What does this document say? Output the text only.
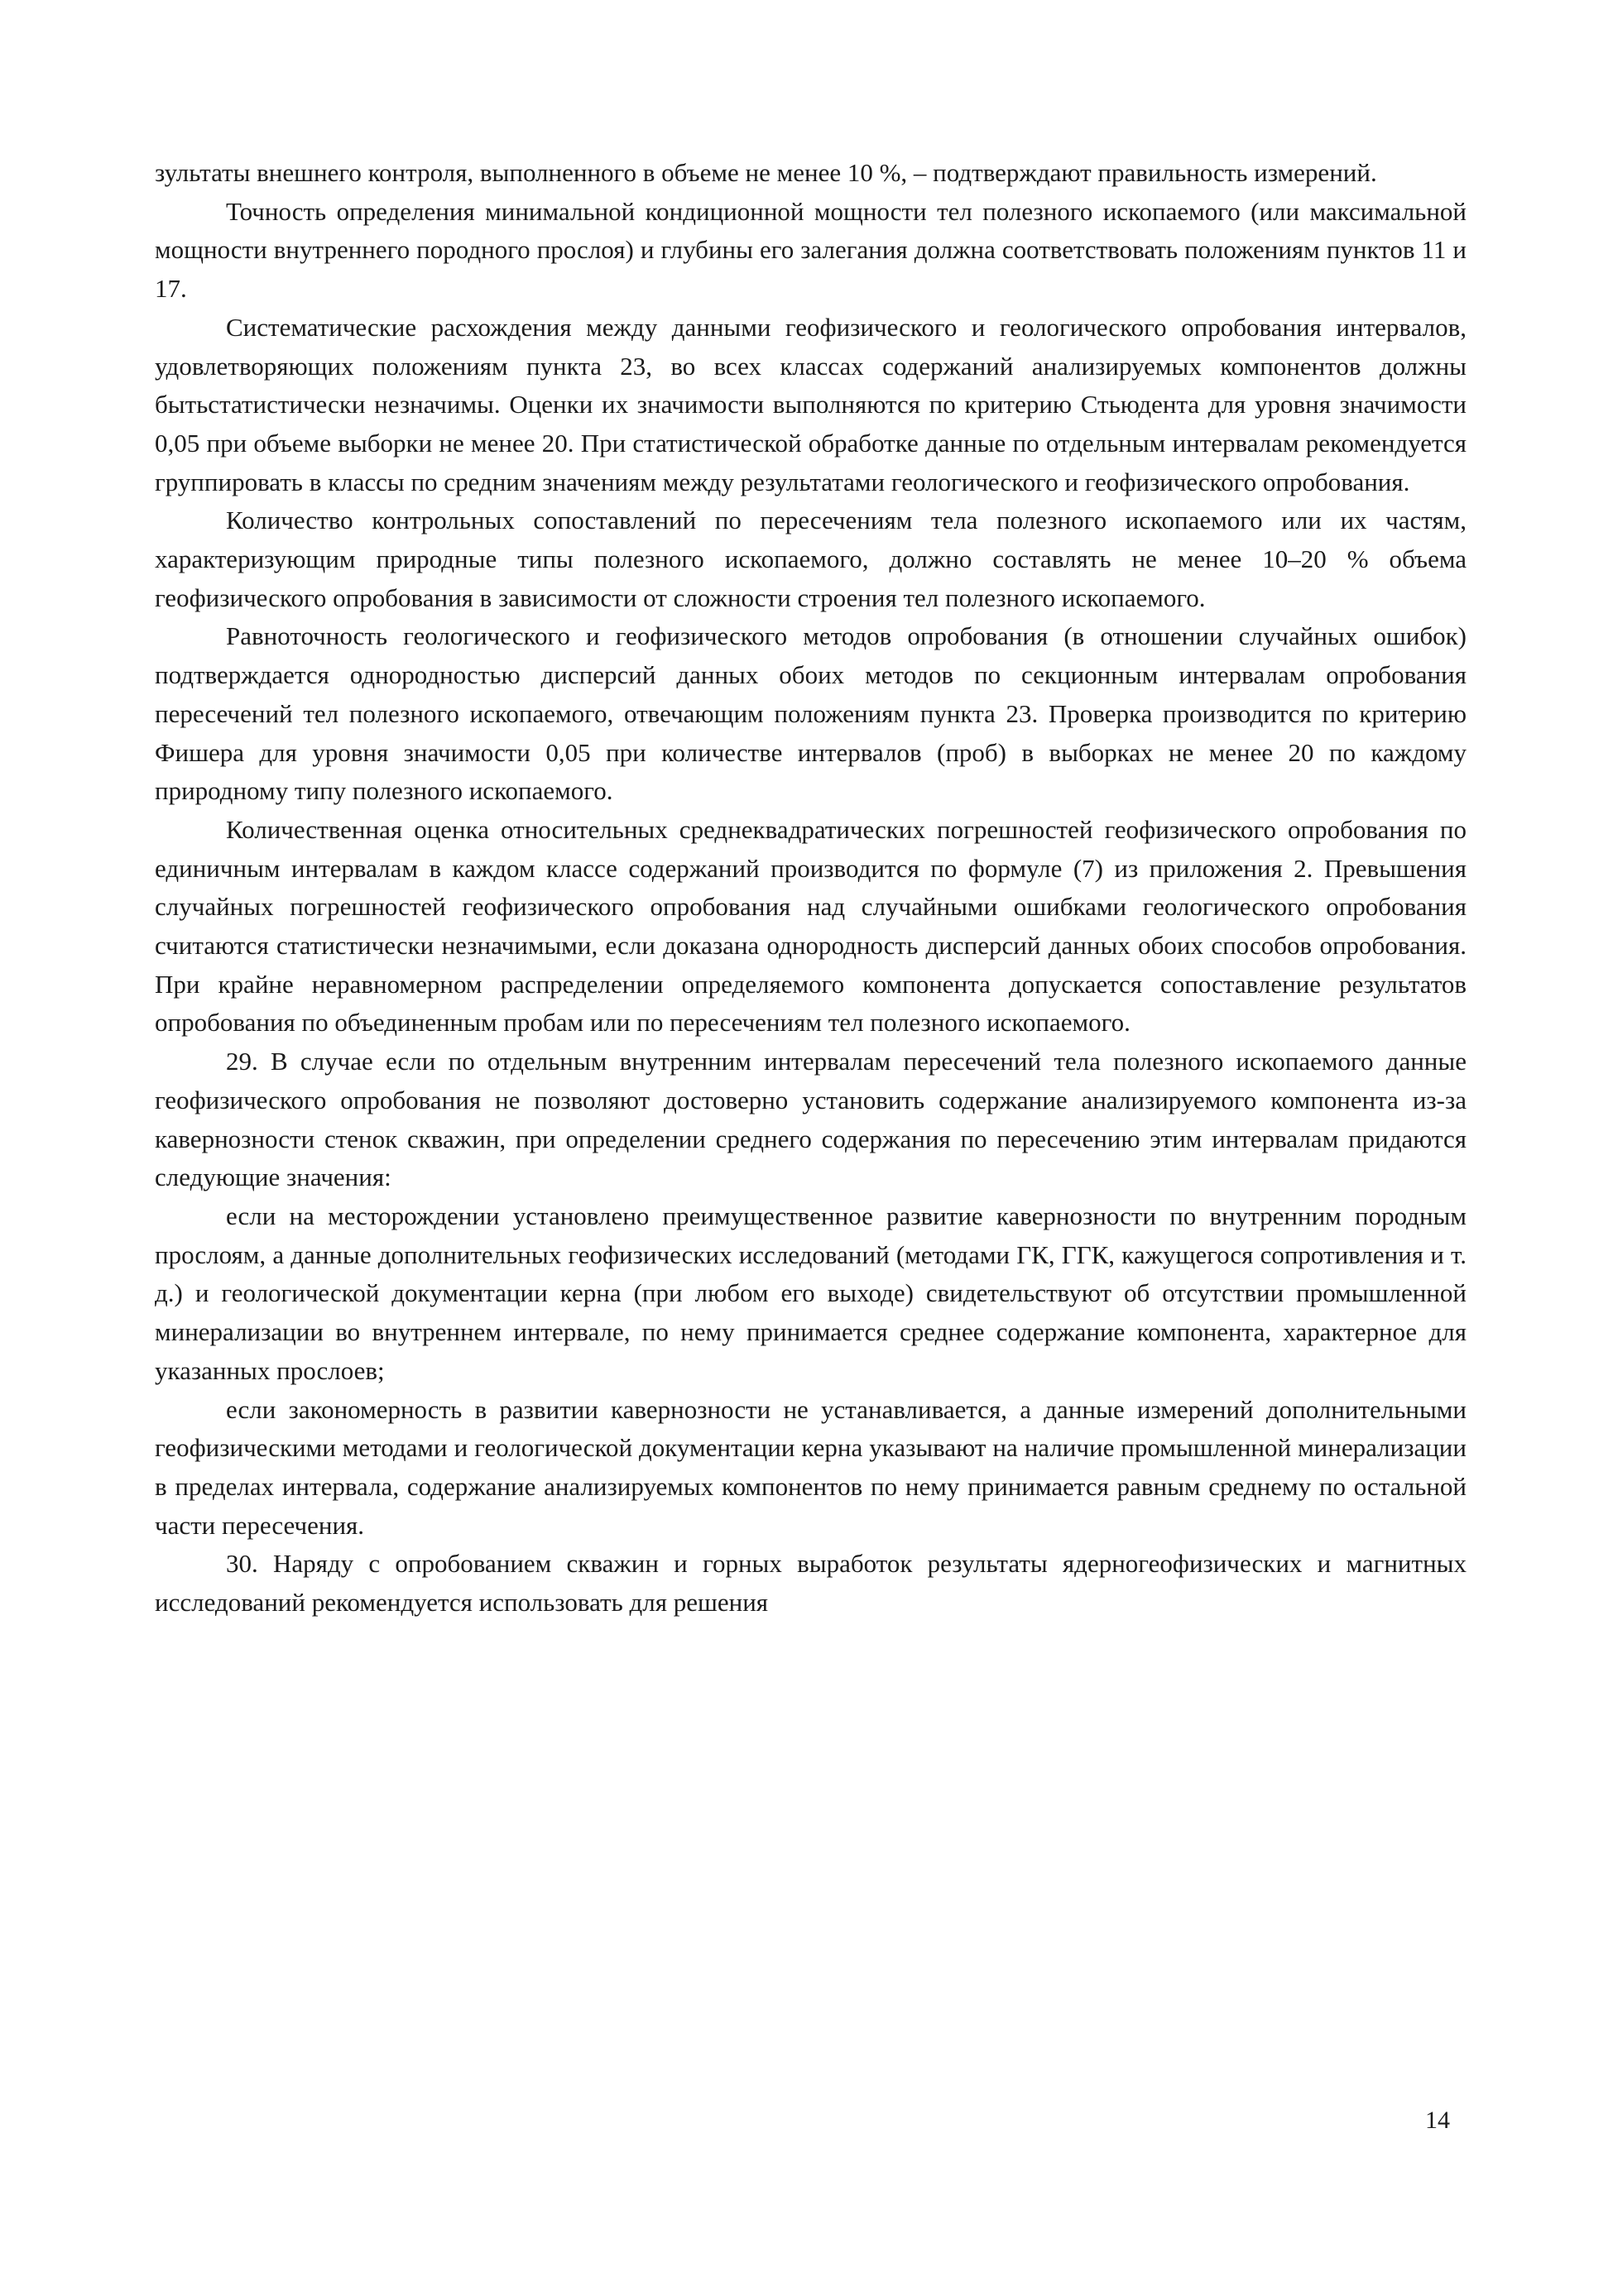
зультаты внешнего контроля, выполненного в объеме не менее 10 %, – подтверждают правильность измерений.

Точность определения минимальной кондиционной мощности тел полезного ископаемого (или максимальной мощности внутреннего породного прослоя) и глубины его залегания должна соответствовать положениям пунктов 11 и 17.

Систематические расхождения между данными геофизического и геологического опробования интервалов, удовлетворяющих положениям пункта 23, во всех классах содержаний анализируемых компонентов должны бытьстатистически незначимы. Оценки их значимости выполняются по критерию Стьюдента для уровня значимости 0,05 при объеме выборки не менее 20. При статистической обработке данные по отдельным интервалам рекомендуется группировать в классы по средним значениям между результатами геологического и геофизического опробования.

Количество контрольных сопоставлений по пересечениям тела полезного ископаемого или их частям, характеризующим природные типы полезного ископаемого, должно составлять не менее 10–20 % объема геофизического опробования в зависимости от сложности строения тел полезного ископаемого.

Равноточность геологического и геофизического методов опробования (в отношении случайных ошибок) подтверждается однородностью дисперсий данных обоих методов по секционным интервалам опробования пересечений тел полезного ископаемого, отвечающим положениям пункта 23. Проверка производится по критерию Фишера для уровня значимости 0,05 при количестве интервалов (проб) в выборках не менее 20 по каждому природному типу полезного ископаемого.

Количественная оценка относительных среднеквадратических погрешностей геофизического опробования по единичным интервалам в каждом классе содержаний производится по формуле (7) из приложения 2. Превышения случайных погрешностей геофизического опробования над случайными ошибками геологического опробования считаются статистически незначимыми, если доказана однородность дисперсий данных обоих способов опробования. При крайне неравномерном распределении определяемого компонента допускается сопоставление результатов опробования по объединенным пробам или по пересечениям тел полезного ископаемого.

29. В случае если по отдельным внутренним интервалам пересечений тела полезного ископаемого данные геофизического опробования не позволяют достоверно установить содержание анализируемого компонента из-за кавернозности стенок скважин, при определении среднего содержания по пересечению этим интервалам придаются следующие значения:

если на месторождении установлено преимущественное развитие кавернозности по внутренним породным прослоям, а данные дополнительных геофизических исследований (методами ГК, ГГК, кажущегося сопротивления и т. д.) и геологической документации керна (при любом его выходе) свидетельствуют об отсутствии промышленной минерализации во внутреннем интервале, по нему принимается среднее содержание компонента, характерное для указанных прослоев;

если закономерность в развитии кавернозности не устанавливается, а данные измерений дополнительными геофизическими методами и геологической документации керна указывают на наличие промышленной минерализации в пределах интервала, содержание анализируемых компонентов по нему принимается равным среднему по остальной части пересечения.

30. Наряду с опробованием скважин и горных выработок результаты ядерногеофизических и магнитных исследований рекомендуется использовать для решения

14
